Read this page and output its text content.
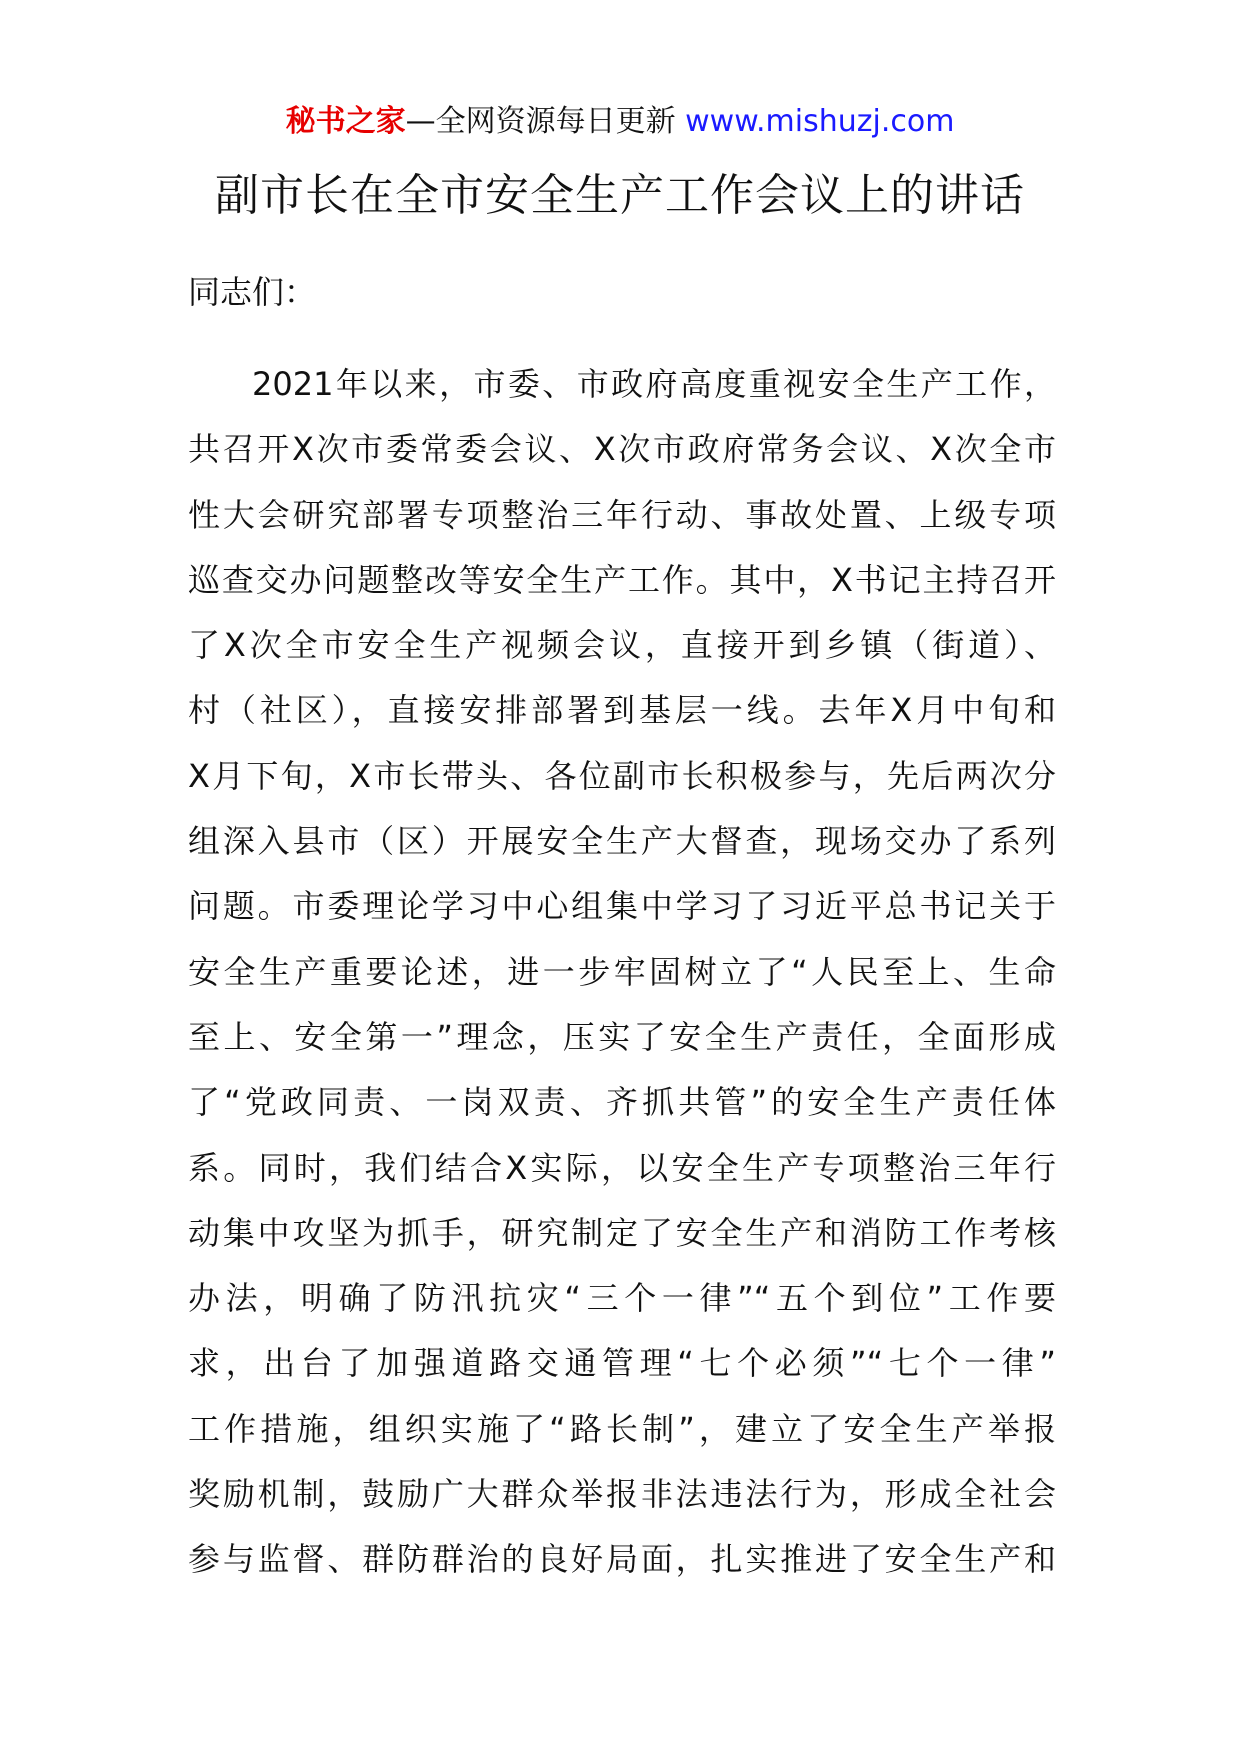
秘书之家—全网资源每日更新 www.mishuzj.com
副市长在全市安全生产工作会议上的讲话
同志们：
2021年以来，市委、市政府高度重视安全生产工作，
共召开X次市委常委会议、X次市政府常务会议、X次全市
性大会研究部署专项整治三年行动、事故处置、上级专项
巡查交办问题整改等安全生产工作。其中，X书记主持召开
了X次全市安全生产视频会议，直接开到乡镇（街道）、
村（社区），直接安排部署到基层一线。去年X月中旬和
X月下旬，X市长带头、各位副市长积极参与，先后两次分
组深入县市（区）开展安全生产大督查，现场交办了系列
问题。市委理论学习中心组集中学习了习近平总书记关于
安全生产重要论述，进一步牢固树立了“人民至上、生命
至上、安全第一”理念，压实了安全生产责任，全面形成
了“党政同责、一岗双责、齐抓共管”的安全生产责任体
系。同时，我们结合X实际，以安全生产专项整治三年行
动集中攻坚为抓手，研究制定了安全生产和消防工作考核
办法，明确了防汛抗灾“三个一律”“五个到位”工作要
求，出台了加强道路交通管理“七个必须”“七个一律”
工作措施，组织实施了“路长制”，建立了安全生产举报
奖励机制，鼓励广大群众举报非法违法行为，形成全社会
参与监督、群防群治的良好局面，扎实推进了安全生产和
